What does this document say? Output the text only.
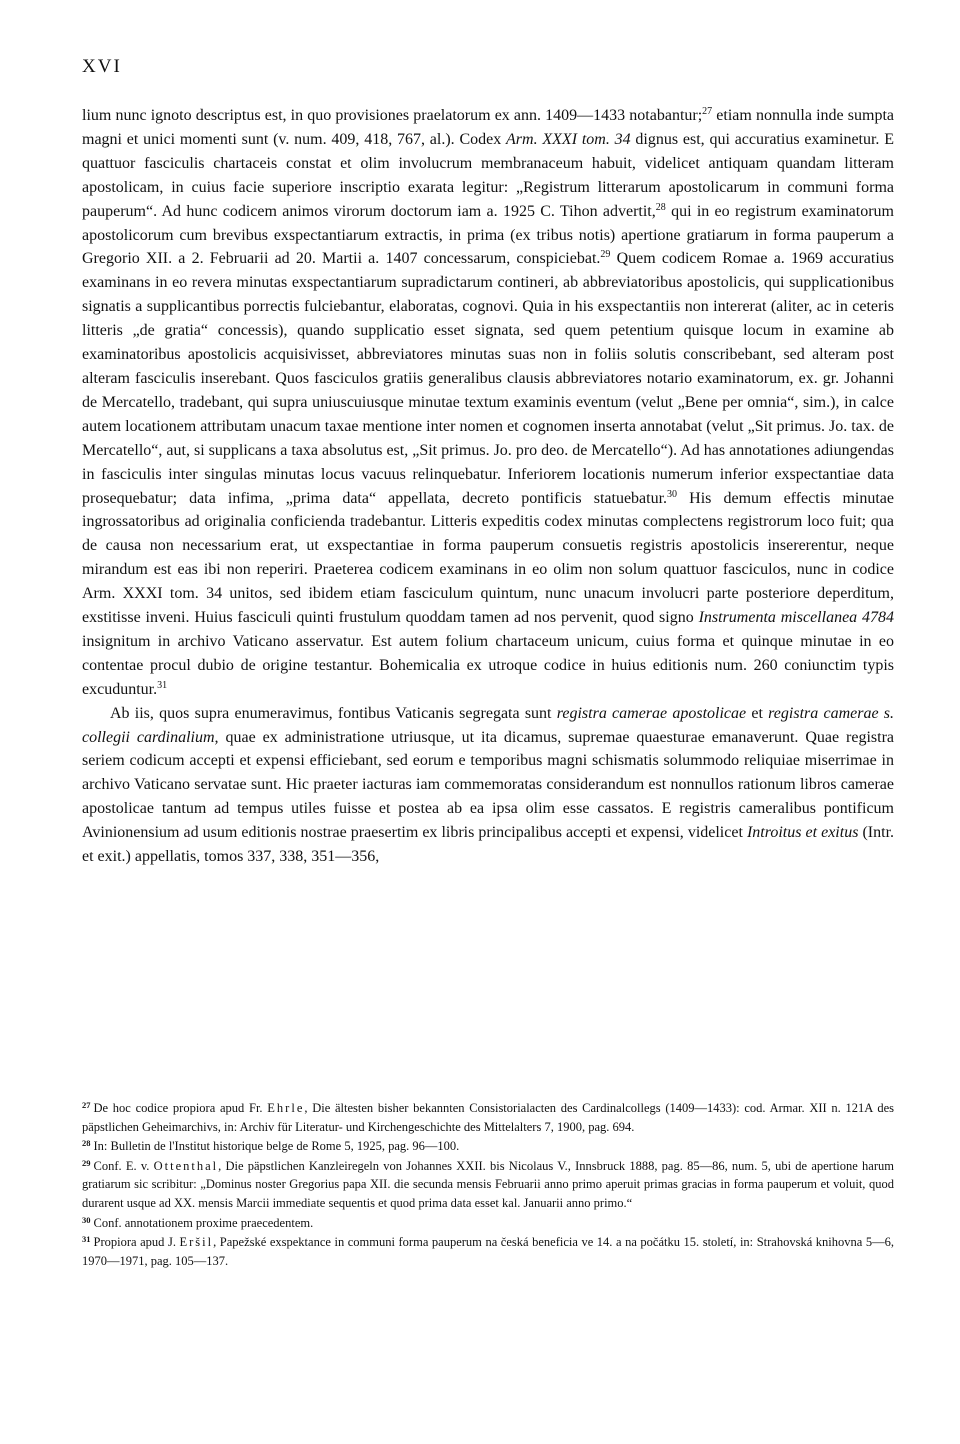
XVI

lium nunc ignoto descriptus est, in quo provisiones praelatorum ex ann. 1409—1433 notabantur;$^{27}$ etiam nonnulla inde sumpta magni et unici momenti sunt (v. num. 409, 418, 767, al.). Codex Arm. XXXI tom. 34 dignus est, qui accuratius examinetur. E quattuor fasciculis chartaceis constat et olim involucrum membranaceum habuit, videlicet antiquam quandam litteram apostolicam, in cuius facie superiore inscriptio exarata legitur: „Registrum litterarum apostolicarum in communi forma pauperum“. Ad hunc codicem animos virorum doctorum iam a. 1925 C. Tihon advertit,$^{28}$ qui in eo registrum examinatorum apostolicorum cum brevibus exspectantiarum extractis, in prima (ex tribus notis) apertione gratiarum in forma pauperum a Gregorio XII. a 2. Februarii ad 20. Martii a. 1407 concessarum, conspiciebat.$^{29}$ Quem codicem Romae a. 1969 accuratius examinans in eo revera minutas exspectantiarum supradictarum contineri, ab abbreviatoribus apostolicis, qui supplicationibus signatis a supplicantibus porrectis fulciebantur, elaboratas, cognovi. Quia in his exspectantiis non intererat (aliter, ac in ceteris litteris „de gratia“ concessis), quando supplicatio esset signata, sed quem petentium quisque locum in examine ab examinatoribus apostolicis acquisivisset, abbreviatores minutas suas non in foliis solutis conscribebant, sed alteram post alteram fasciculis inserebant. Quos fasciculos gratiis generalibus clausis abbreviatores notario examinatorum, ex. gr. Johanni de Mercatello, tradebant, qui supra uniuscuiusque minutae textum examinis eventum (velut „Bene per omnia“, sim.), in calce autem locationem attributam unacum taxae mentione inter nomen et cognomen inserta annotabat (velut „Sit primus. Jo. tax. de Mercatello“, aut, si supplicans a taxa absolutus est, „Sit primus. Jo. pro deo. de Mercatello“). Ad has annotationes adiungendas in fasciculis inter singulas minutas locus vacuus relinquebatur. Inferiorem locationis numerum inferior exspectantiae data prosequebatur; data infima, „prima data“ appellata, decreto pontificis statuebatur.$^{30}$ His demum effectis minutae ingrossatoribus ad originalia conficienda tradebantur. Litteris expeditis codex minutas complectens registrorum loco fuit; qua de causa non necessarium erat, ut exspectantiae in forma pauperum consuetis registris apostolicis insererentur, neque mirandum est eas ibi non reperiri. Praeterea codicem examinans in eo olim non solum quattuor fasciculos, nunc in codice Arm. XXXI tom. 34 unitos, sed ibidem etiam fasciculum quintum, nunc unacum involucri parte posteriore deperditum, exstitisse inveni. Huius fasciculi quinti frustulum quoddam tamen ad nos pervenit, quod signo Instrumenta miscellanea 4784 insignitum in archivo Vaticano asservatur. Est autem folium chartaceum unicum, cuius forma et quinque minutae in eo contentae procul dubio de origine testantur. Bohemicalia ex utroque codice in huius editionis num. 260 coniunctim typis excuduntur.$^{31}$

Ab iis, quos supra enumeravimus, fontibus Vaticanis segregata sunt registra camerae apostolicae et registra camerae s. collegii cardinalium, quae ex administratione utriusque, ut ita dicamus, supremae quaesturae emanaverunt. Quae registra seriem codicum accepti et expensi efficiebant, sed eorum e temporibus magni schismatis solummodo reliquiae miserrimae in archivo Vaticano servatae sunt. Hic praeter iacturas iam commemoratas considerandum est nonnullos rationum libros camerae apostolicae tantum ad tempus utiles fuisse et postea ab ea ipsa olim esse cassatos. E registris cameralibus pontificum Avinionensium ad usum editionis nostrae praesertim ex libris principalibus accepti et expensi, videlicet Introitus et exitus (Intr. et exit.) appellatis, tomos 337, 338, 351—356,

$^{27}$ De hoc codice propiora apud Fr. Ehrle, Die ältesten bisher bekannten Consistorialacten des Cardinalcollegs (1409—1433): cod. Armar. XII n. 121A des päpstlichen Geheimarchivs, in: Archiv für Literatur- und Kirchengeschichte des Mittelalters 7, 1900, pag. 694.
$^{28}$ In: Bulletin de l'Institut historique belge de Rome 5, 1925, pag. 96—100.
$^{29}$ Conf. E. v. Ottenthal, Die päpstlichen Kanzleiregeln von Johannes XXII. bis Nicolaus V., Innsbruck 1888, pag. 85—86, num. 5, ubi de apertione harum gratiarum sic scribitur: „Dominus noster Gregorius papa XII. die secunda mensis Februarii anno primo aperuit primas gracias in forma pauperum et voluit, quod durarent usque ad XX. mensis Marcii immediate sequentis et quod prima data esset kal. Januarii anno primo.“
$^{30}$ Conf. annotationem proxime praecedentem.
$^{31}$ Propiora apud J. Eršil, Papežské exspektance in communi forma pauperum na česká beneficia ve 14. a na počátku 15. století, in: Strahovská knihovna 5—6, 1970—1971, pag. 105—137.
